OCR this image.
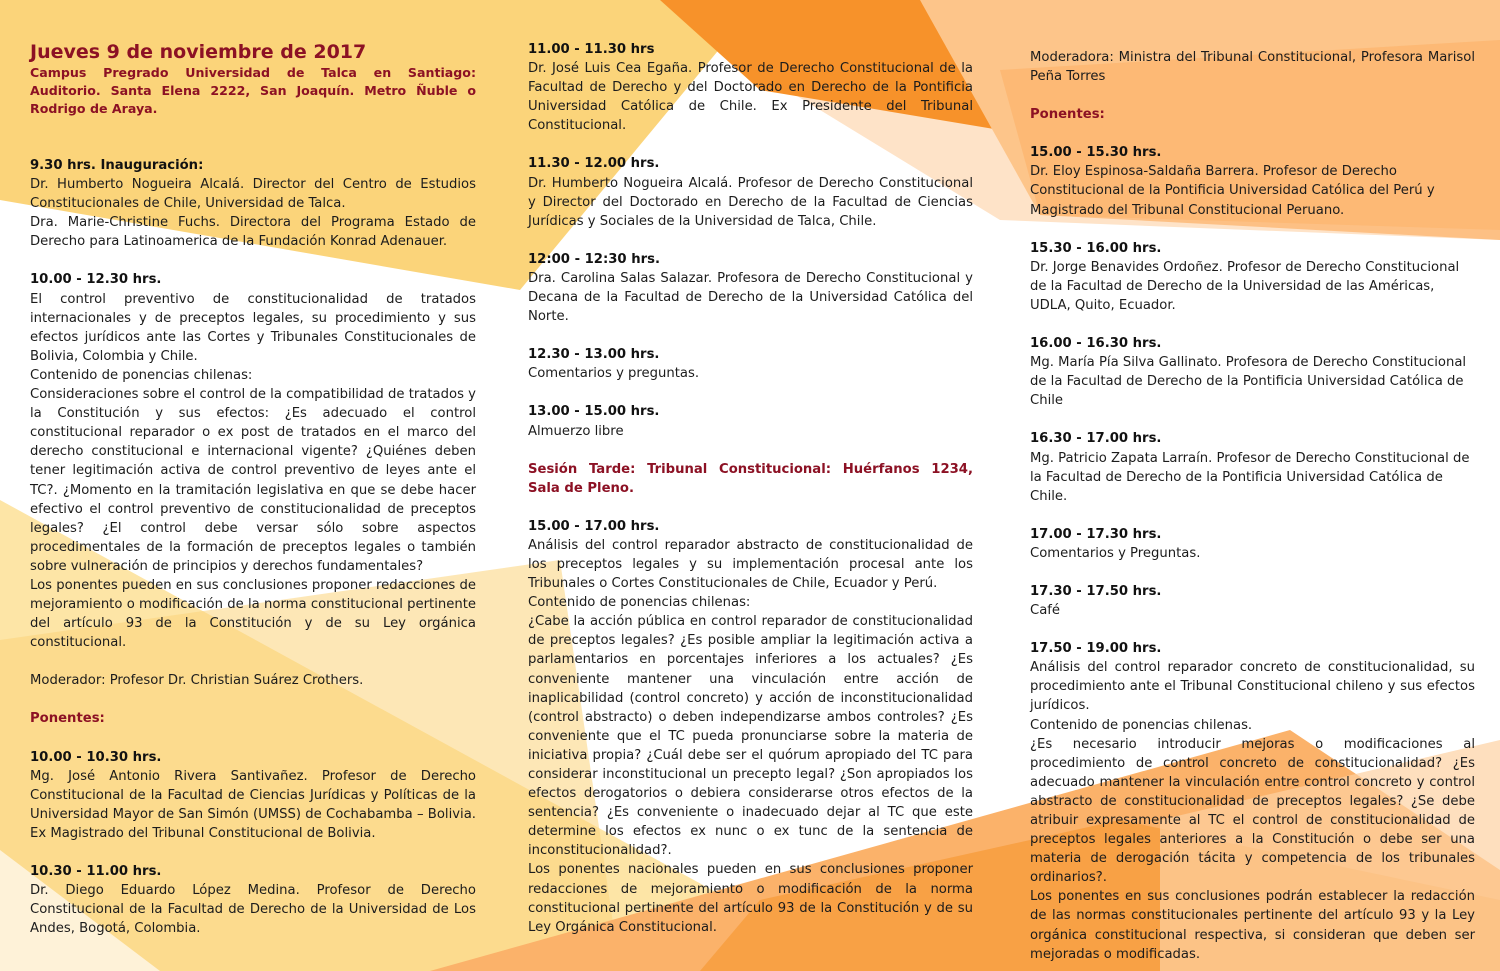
Jueves 9 de noviembre de 2017

Campus Pregrado Universidad de Talca en Santiago: Auditorio. Santa Elena 2222, San Joaquín. Metro Ñuble o Rodrigo de Araya.

9.30 hrs. Inauguración:

Dr. Humberto Nogueira Alcalá. Director del Centro de Estudios Constitucionales de Chile, Universidad de Talca.

Dra. Marie-Christine Fuchs. Directora del Programa Estado de Derecho para Latinoamerica de la Fundación Konrad Adenauer.

10.00 - 12.30 hrs.

El control preventivo de constitucionalidad de tratados internacionales y de preceptos legales, su procedimiento y sus efectos jurídicos ante las Cortes y Tribunales Constitucionales de Bolivia, Colombia y Chile.

Contenido de ponencias chilenas:

Consideraciones sobre el control de la compatibilidad de tratados y la Constitución y sus efectos: ¿Es adecuado el control constitucional reparador o ex post de tratados en el marco del derecho constitucional e internacional vigente? ¿Quiénes deben tener legitimación activa de control preventivo de leyes ante el TC?. ¿Momento en la tramitación legislativa en que se debe hacer efectivo el control preventivo de constitucionalidad de preceptos legales? ¿El control debe versar sólo sobre aspectos procedimentales de la formación de preceptos legales o también sobre vulneración de principios y derechos fundamentales?

Los ponentes pueden en sus conclusiones proponer redacciones de mejoramiento o modificación de la norma constitucional pertinente del artículo 93 de la Constitución y de su Ley orgánica constitucional.

Moderador: Profesor Dr. Christian Suárez Crothers.

Ponentes:

10.00 - 10.30 hrs.

Mg. José Antonio Rivera Santivañez. Profesor de Derecho Constitucional de la Facultad de Ciencias Jurídicas y Políticas de la Universidad Mayor de San Simón (UMSS) de Cochabamba – Bolivia. Ex Magistrado del Tribunal Constitucional de Bolivia.

10.30 - 11.00 hrs.

Dr. Diego Eduardo López Medina. Profesor de Derecho Constitucional de la Facultad de Derecho de la Universidad de Los Andes, Bogotá, Colombia.

11.00 - 11.30 hrs

Dr. José Luis Cea Egaña. Profesor de Derecho Constitucional de la Facultad de Derecho y del Doctorado en Derecho de la Pontificia Universidad Católica de Chile. Ex Presidente del Tribunal Constitucional.

11.30 - 12.00 hrs.

Dr. Humberto Nogueira Alcalá. Profesor de Derecho Constitucional y Director del Doctorado en Derecho de la Facultad de Ciencias Jurídicas y Sociales de la Universidad de Talca, Chile.

12:00 - 12:30 hrs.

Dra. Carolina Salas Salazar. Profesora de Derecho Constitucional y Decana de la Facultad de Derecho de la Universidad Católica del Norte.

12.30 - 13.00 hrs.

Comentarios y preguntas.

13.00 - 15.00 hrs.

Almuerzo libre

Sesión Tarde: Tribunal Constitucional: Huérfanos 1234, Sala de Pleno.

15.00 - 17.00 hrs.

Análisis del control reparador abstracto de constitucionalidad de los preceptos legales y su implementación procesal ante los Tribunales o Cortes Constitucionales de Chile, Ecuador y Perú.

Contenido de ponencias chilenas:

¿Cabe la acción pública en control reparador de constitucionalidad de preceptos legales? ¿Es posible ampliar la legitimación activa a parlamentarios en porcentajes inferiores a los actuales? ¿Es conveniente mantener una vinculación entre acción de inaplicabilidad (control concreto) y acción de inconstitucionalidad (control abstracto) o deben independizarse ambos controles? ¿Es conveniente que el TC pueda pronunciarse sobre la materia de iniciativa propia? ¿Cuál debe ser el quórum apropiado del TC para considerar inconstitucional un precepto legal? ¿Son apropiados los efectos derogatorios o debiera considerarse otros efectos de la sentencia? ¿Es conveniente o inadecuado dejar al TC que este determine los efectos ex nunc o ex tunc de la sentencia de inconstitucionalidad?.

Los ponentes nacionales pueden en sus conclusiones proponer redacciones de mejoramiento o modificación de la norma constitucional pertinente del artículo 93 de la Constitución y de su Ley Orgánica Constitucional.

Moderadora: Ministra del Tribunal Constitucional, Profesora Marisol Peña Torres

Ponentes:

15.00 - 15.30 hrs.

Dr. Eloy Espinosa-Saldaña Barrera. Profesor de Derecho Constitucional de la Pontificia Universidad Católica del Perú y Magistrado del Tribunal Constitucional Peruano.

15.30 - 16.00 hrs.

Dr. Jorge Benavides Ordoñez. Profesor de Derecho Constitucional de la Facultad de Derecho de la Universidad de las Américas, UDLA, Quito, Ecuador.

16.00 - 16.30 hrs.

Mg. María Pía Silva Gallinato. Profesora de Derecho Constitucional de la Facultad de Derecho de la Pontificia Universidad Católica de Chile

16.30 - 17.00 hrs.

Mg. Patricio Zapata Larraín. Profesor de Derecho Constitucional de la Facultad de Derecho de la Pontificia Universidad Católica de Chile.

17.00 - 17.30 hrs.

Comentarios y Preguntas.

17.30 - 17.50 hrs.

Café

17.50 - 19.00 hrs.

Análisis del control reparador concreto de constitucionalidad, su procedimiento ante el Tribunal Constitucional chileno y sus efectos jurídicos.

Contenido de ponencias chilenas.

¿Es necesario introducir mejoras o modificaciones al procedimiento de control concreto de constitucionalidad? ¿Es adecuado mantener la vinculación entre control concreto y control abstracto de constitucionalidad de preceptos legales? ¿Se debe atribuir expresamente al TC el control de constitucionalidad de preceptos legales anteriores a la Constitución o debe ser una materia de derogación tácita y competencia de los tribunales ordinarios?.

Los ponentes en sus conclusiones podrán establecer la redacción de las normas constitucionales pertinente del artículo 93 y la Ley orgánica constitucional respectiva, si consideran que deben ser mejoradas o modificadas.
